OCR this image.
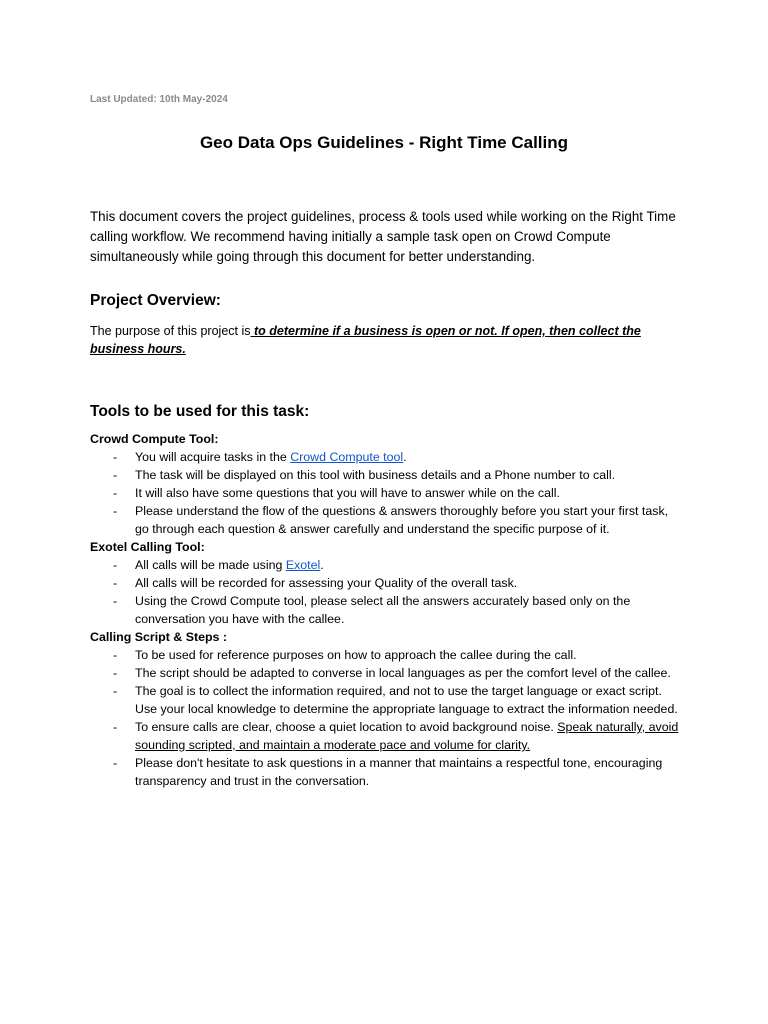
Last Updated: 10th May-2024
Geo Data Ops Guidelines - Right Time Calling

This document covers the project guidelines, process & tools used while working on the Right Time calling workflow. We recommend having initially a sample task open on Crowd Compute simultaneously while going through this document for better understanding.

Project Overview:

The purpose of this project is to determine if a business is open or not. If open, then collect the business hours.

Tools to be used for this task:

Crowd Compute Tool:

- You will acquire tasks in the Crowd Compute tool.
- The task will be displayed on this tool with business details and a Phone number to call.
- It will also have some questions that you will have to answer while on the call.
- Please understand the flow of the questions & answers thoroughly before you start your first task, go through each question & answer carefully and understand the specific purpose of it.

Exotel Calling Tool:

- All calls will be made using Exotel.
- All calls will be recorded for assessing your Quality of the overall task.
- Using the Crowd Compute tool, please select all the answers accurately based only on the conversation you have with the callee.

Calling Script & Steps :

- To be used for reference purposes on how to approach the callee during the call.
- The script should be adapted to converse in local languages as per the comfort level of the callee.
- The goal is to collect the information required, and not to use the target language or exact script. Use your local knowledge to determine the appropriate language to extract the information needed.
- To ensure calls are clear, choose a quiet location to avoid background noise. Speak naturally, avoid sounding scripted, and maintain a moderate pace and volume for clarity.
- Please don't hesitate to ask questions in a manner that maintains a respectful tone, encouraging transparency and trust in the conversation.
